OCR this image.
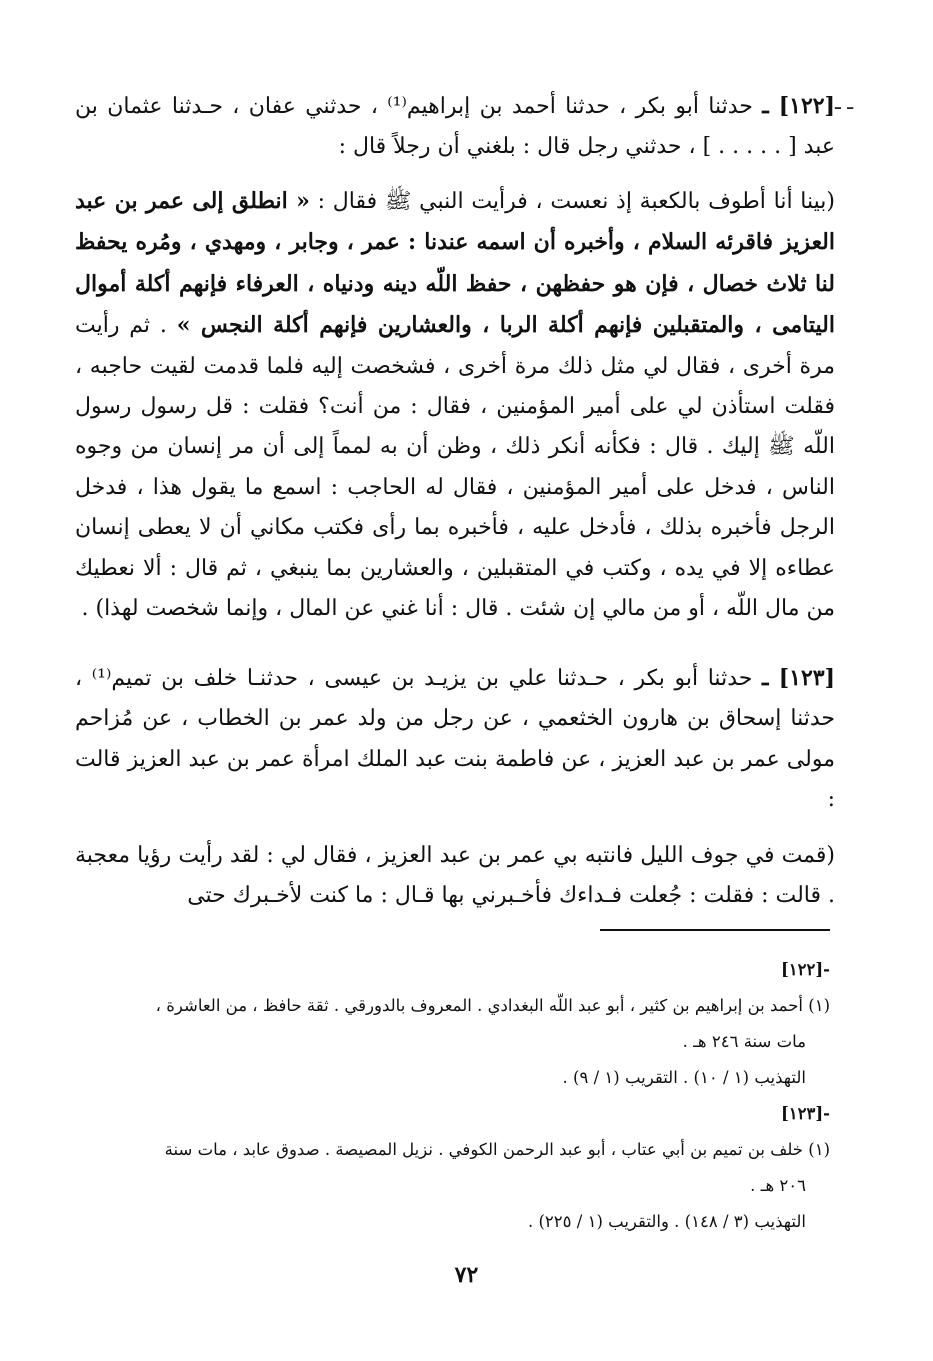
ـ ـ

[١٢٢] ـ حدثنا أبو بكر ، حدثنا أحمد بن إبراهيم⁽¹⁾ ، حدثني عفان ، حـدثنا عثمان بن عبد [ . . . . . ] ، حدثني رجل قال : بلغني أن رجلاً قال :

(بينا أنا أطوف بالكعبة إذ نعست ، فرأيت النبي ﷺ فقال : « انطلق إلى عمر بن عبد العزيز فاقرئه السلام ، وأخبره أن اسمه عندنا : عمر ، وجابر ، ومهدي ، ومُره يحفظ لنا ثلاث خصال ، فإن هو حفظهن ، حفظ اللّه دينه ودنياه ، العرفاء فإنهم أكلة أموال اليتامى ، والمتقبلين فإنهم أكلة الربا ، والعشارين فإنهم أكلة النجس » . ثم رأيت مرة أخرى ، فقال لي مثل ذلك مرة أخرى ، فشخصت إليه فلما قدمت لقيت حاجبه ، فقلت استأذن لي على أمير المؤمنين ، فقال : من أنت؟ فقلت : قل رسول رسول اللّه ﷺ إليك . قال : فكأنه أنكر ذلك ، وظن أن به لمماً إلى أن مر إنسان من وجوه الناس ، فدخل على أمير المؤمنين ، فقال له الحاجب : اسمع ما يقول هذا ، فدخل الرجل فأخبره بذلك ، فأدخل عليه ، فأخبره بما رأى فكتب مكاني أن لا يعطى إنسان عطاءه إلا في يده ، وكتب في المتقبلين ، والعشارين بما ينبغي ، ثم قال : ألا نعطيك من مال اللّه ، أو من مالي إن شئت . قال : أنا غني عن المال ، وإنما شخصت لهذا) .

[١٢٣] ـ حدثنا أبو بكر ، حـدثنا علي بن يزيـد بن عيسى ، حدثنـا خلف بن تميم⁽¹⁾ ، حدثنا إسحاق بن هارون الخثعمي ، عن رجل من ولد عمر بن الخطاب ، عن مُزاحم مولى عمر بن عبد العزيز ، عن فاطمة بنت عبد الملك امرأة عمر بن عبد العزيز قالت :

(قمت في جوف الليل فانتبه بي عمر بن عبد العزيز ، فقال لي : لقد رأيت رؤيا معجبة . قالت : فقلت : جُعلت فـداءك فأخـبرني بها قـال : ما كنت لأخـبرك حتى

-[١٢٢]
(١) أحمد بن إبراهيم بن كثير ، أبو عبد اللّه البغدادي . المعروف بالدورقي . ثقة حافظ ، من العاشرة ،
مات سنة ٢٤٦ هـ .
التهذيب (١ / ١٠) . التقريب (١ / ٩) .
-[١٢٣]
(١) خلف بن تميم بن أبي عتاب ، أبو عبد الرحمن الكوفي . نزيل المصيصة . صدوق عابد ، مات سنة
٢٠٦ هـ .
التهذيب (٣ / ١٤٨) . والتقريب (١ / ٢٢٥) .
٧٢
